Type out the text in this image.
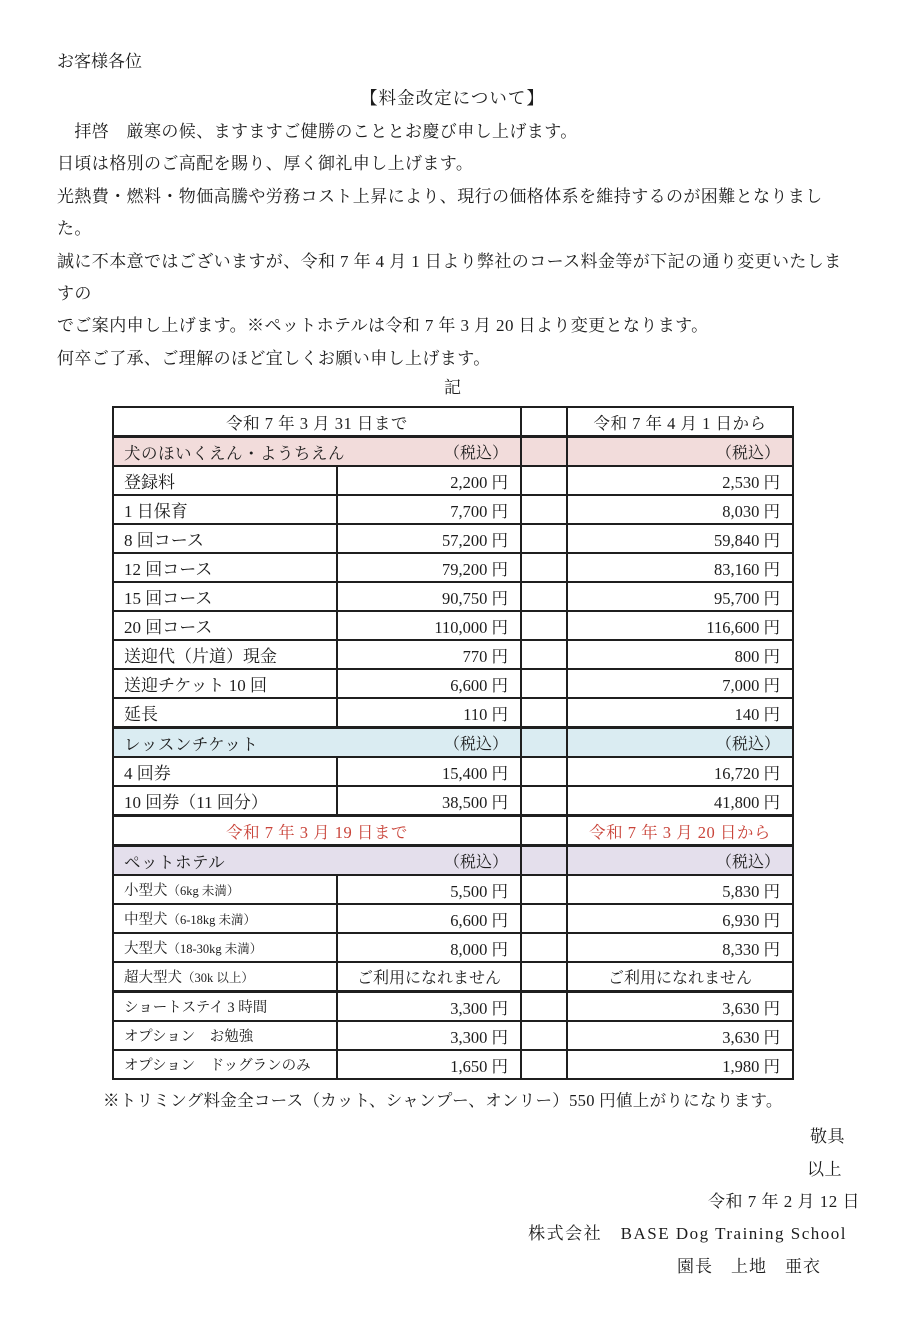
お客様各位
【料金改定について】
　拝啓　厳寒の候、ますますご健勝のこととお慶び申し上げます。
日頃は格別のご高配を賜り、厚く御礼申し上げます。
光熱費・燃料・物価高騰や労務コスト上昇により、現行の価格体系を維持するのが困難となりました。
誠に不本意ではございますが、令和 7 年 4 月 1 日より弊社のコース料金等が下記の通り変更いたしますの
でご案内申し上げます。※ペットホテルは令和 7 年 3 月 20 日より変更となります。
何卒ご了承、ご理解のほど宜しくお願い申し上げます。
記
令和 7 年 3 月 31 日まで			令和 7 年 4 月 1 日から

犬のほいくえん・ようちえん （税込）			（税込）
登録料	2,200 円		2,530 円
1 日保育	7,700 円		8,030 円
8 回コース	57,200 円		59,840 円
12 回コース	79,200 円		83,160 円
15 回コース	90,750 円		95,700 円
20 回コース	110,000 円		116,600 円
送迎代（片道）現金	770 円		800 円
送迎チケット 10 回	6,600 円		7,000 円
延長	110 円		140 円

レッスンチケット （税込）			（税込）
4 回券	15,400 円		16,720 円
10 回券（11 回分）	38,500 円		41,800 円
令和 7 年 3 月 19 日まで			令和 7 年 3 月 20 日から

ペットホテル （税込）			（税込）
小型犬（6kg 未満）	5,500 円		5,830 円
中型犬（6-18kg 未満）	6,600 円		6,930 円
大型犬（18-30kg 未満）	8,000 円		8,330 円
超大型犬（30k 以上）	ご利用になれません		ご利用になれません
ショートステイ 3 時間	3,300 円		3,630 円
オプション　お勉強	3,300 円		3,630 円
オプション　ドッグランのみ	1,650 円		1,980 円
※トリミング料金全コース（カット、シャンプー、オンリー）550 円値上がりになります。
敬具
以上
令和 7 年 2 月 12 日
株式会社　BASE Dog Training School
園長　上地　亜衣
